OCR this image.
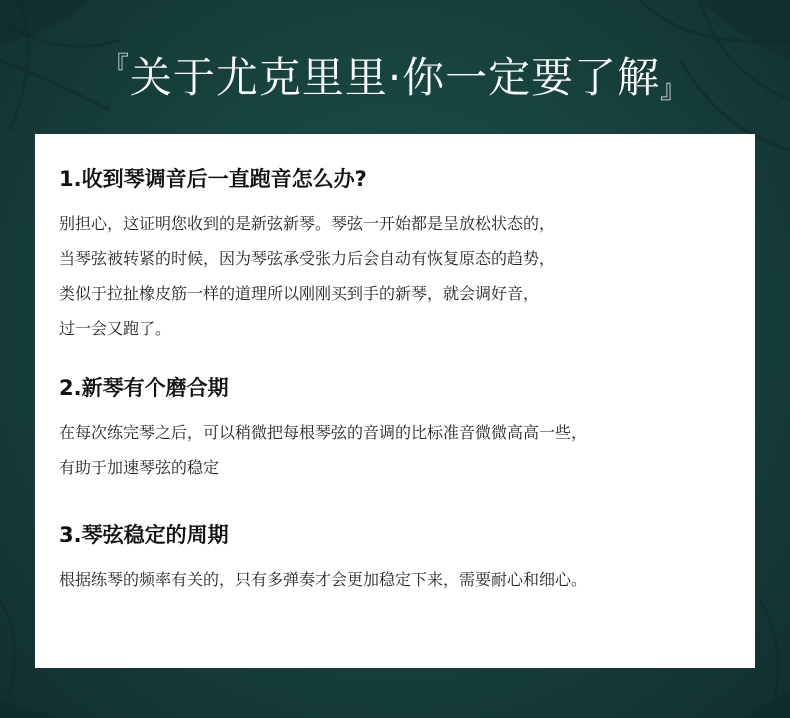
『 关于尤克里里·你一定要了解 』
1.收到琴调音后一直跑音怎么办?
别担心，这证明您收到的是新弦新琴。琴弦一开始都是呈放松状态的，
当琴弦被转紧的时候，因为琴弦承受张力后会自动有恢复原态的趋势，
类似于拉扯橡皮筋一样的道理所以刚刚买到手的新琴，就会调好音，
过一会又跑了。
2.新琴有个磨合期
在每次练完琴之后，可以稍微把每根琴弦的音调的比标准音微微高高一些，
有助于加速琴弦的稳定
3.琴弦稳定的周期
根据练琴的频率有关的，只有多弹奏才会更加稳定下来，需要耐心和细心。
